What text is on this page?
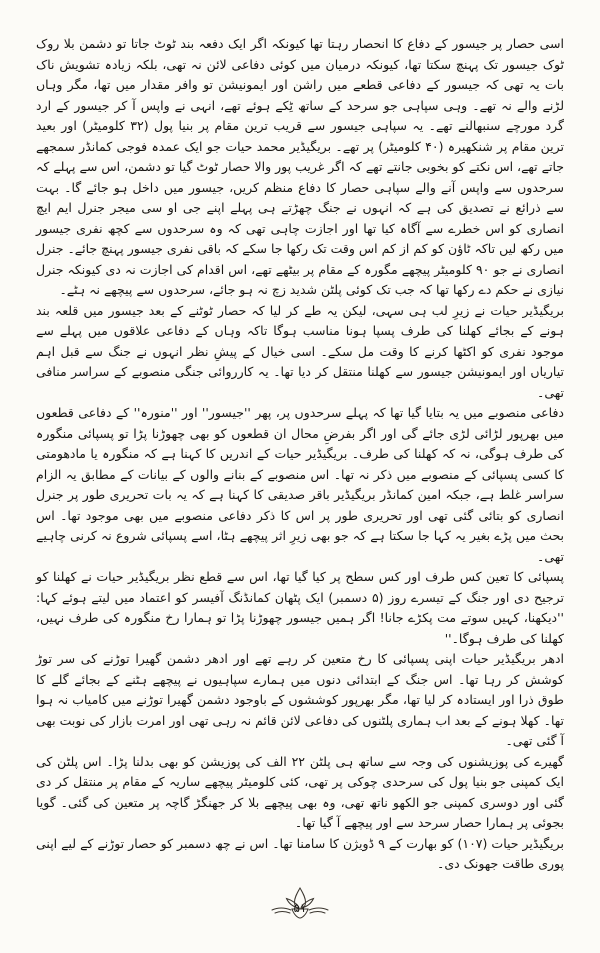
اسی حصار پر جیسور کے دفاع کا انحصار رہتا تھا کیونکہ اگر ایک دفعہ بند ٹوٹ جاتا تو دشمن بلا روک ٹوک جیسور تک پہنچ سکتا تھا، کیونکہ درمیان میں کوئی دفاعی لائن نہ تھی، بلکہ زیادہ تشویش ناک بات یہ تھی کہ جیسور کے دفاعی قطعے میں راشن اور ایمونیشن تو وافر مقدار میں تھا، مگر وہاں لڑنے والے نہ تھے۔ وہی سپاہی جو سرحد کے ساتھ ٹِکے ہوئے تھے، انہی نے واپس آ کر جیسور کے ارد گرد مورچے سنبھالنے تھے۔ یہ سپاہی جیسور سے قریب ترین مقام پر بنیا پول (۳۲ کلومیٹر) اور بعید ترین مقام پر شنکھیرہ (۴۰ کلومیٹر) پر تھے۔ بریگیڈیر محمد حیات جو ایک عمدہ فوجی کمانڈر سمجھے جاتے تھے، اس نکتے کو بخوبی جانتے تھے کہ اگر غریب پور والا حصار ٹوٹ گیا تو دشمن، اس سے پہلے کہ سرحدوں سے واپس آنے والے سپاہی حصار کا دفاع منظم کریں، جیسور میں داخل ہو جائے گا۔ بہت سے ذرائع نے تصدیق کی ہے کہ انہوں نے جنگ چھڑتے ہی پہلے اپنے جی او سی میجر جنرل ایم ایچ انصاری کو اس خطرے سے آگاہ کیا تھا اور اجازت چاہی تھی کہ وہ سرحدوں سے کچھ نفری جیسور میں رکھ لیں تاکہ ٹاؤن کو کم از کم اس وقت تک رکھا جا سکے کہ باقی نفری جیسور پہنچ جائے۔ جنرل انصاری نے جو ۹۰ کلومیٹر پیچھے مگورہ کے مقام پر بیٹھے تھے، اس اقدام کی اجازت نہ دی کیونکہ جنرل نیازی نے حکم دے رکھا تھا کہ جب تک کوئی پلٹن شدید زچ نہ ہو جائے، سرحدوں سے پیچھے نہ ہٹے۔

بریگیڈیر حیات نے زیرِ لب ہی سہی، لیکن یہ طے کر لیا کہ حصار ٹوٹنے کے بعد جیسور میں قلعہ بند ہونے کے بجائے کھلنا کی طرف پسپا ہونا مناسب ہوگا تاکہ وہاں کے دفاعی علاقوں میں پہلے سے موجود نفری کو اکٹھا کرنے کا وقت مل سکے۔ اسی خیال کے پیشِ نظر انہوں نے جنگ سے قبل اہم تیاریاں اور ایمونیشن جیسور سے کھلنا منتقل کر دیا تھا۔ یہ کارروائی جنگی منصوبے کے سراسر منافی تھی۔

دفاعی منصوبے میں یہ بتایا گیا تھا کہ پہلے سرحدوں پر، پھر ''جیسور'' اور ''منورہ'' کے دفاعی قطعوں میں بھرپور لڑائی لڑی جائے گی اور اگر بفرضِ محال ان قطعوں کو بھی چھوڑنا پڑا تو پسپائی منگورہ کی طرف ہوگی، نہ کہ کھلنا کی طرف۔ بریگیڈیر حیات کے اندریں کا کہنا ہے کہ منگورہ یا مادھومتی کا کسی پسپائی کے منصوبے میں ذکر نہ تھا۔ اس منصوبے کے بنانے والوں کے بیانات کے مطابق یہ الزام سراسر غلط ہے، جبکہ امین کمانڈر بریگیڈیر باقر صدیقی کا کہنا ہے کہ یہ بات تحریری طور پر جنرل انصاری کو بتائی گئی تھی اور تحریری طور پر اس کا ذکر دفاعی منصوبے میں بھی موجود تھا۔ اس بحث میں پڑے بغیر یہ کہا جا سکتا ہے کہ جو بھی زیرِ اثر پیچھے ہٹا، اسے پسپائی شروع نہ کرنی چاہیے تھی۔

پسپائی کا تعین کس طرف اور کس سطح پر کیا گیا تھا، اس سے قطع نظر بریگیڈیر حیات نے کھلنا کو ترجیح دی اور جنگ کے تیسرے روز (۵ دسمبر) ایک پٹھان کمانڈنگ آفیسر کو اعتماد میں لیتے ہوئے کہا: ''دیکھنا، کہیں سوتے مت پکڑے جانا! اگر ہمیں جیسور چھوڑنا پڑا تو ہمارا رخ منگورہ کی طرف نہیں، کھلنا کی طرف ہوگا۔''

ادھر بریگیڈیر حیات اپنی پسپائی کا رخ متعین کر رہے تھے اور ادھر دشمن گھیرا توڑنے کی سر توڑ کوشش کر رہا تھا۔ اس جنگ کے ابتدائی دنوں میں ہمارے سپاہیوں نے پیچھے ہٹنے کے بجائے گلے کا طوق ذرا اور ایستادہ کر لیا تھا، مگر بھرپور کوششوں کے باوجود دشمن گھیرا توڑنے میں کامیاب نہ ہوا تھا۔ کھلا ہونے کے بعد اب ہماری پلٹنوں کی دفاعی لائن قائم نہ رہی تھی اور امرت بازار کی نوبت بھی آ گئی تھی۔

گھیرے کی پوزیشنوں کی وجہ سے ساتھ ہی پلٹن ۲۲ الف کی پوزیشن کو بھی بدلنا پڑا۔ اس پلٹن کی ایک کمپنی جو بنیا پول کی سرحدی چوکی پر تھی، کئی کلومیٹر پیچھے ساریہ کے مقام پر منتقل کر دی گئی اور دوسری کمپنی جو الکھو ناتھ تھی، وہ بھی پیچھے بلا کر جھنگڑ گاچہ پر متعین کی گئی۔ گویا بجوئی پر ہمارا حصار سرحد سے اور پیچھے آ گیا تھا۔

بریگیڈیر حیات (۱۰۷) کو بھارت کے ۹ ڈویژن کا سامنا تھا۔ اس نے چھ دسمبر کو حصار توڑنے کے لیے اپنی پوری طاقت جھونک دی۔

۵۱
